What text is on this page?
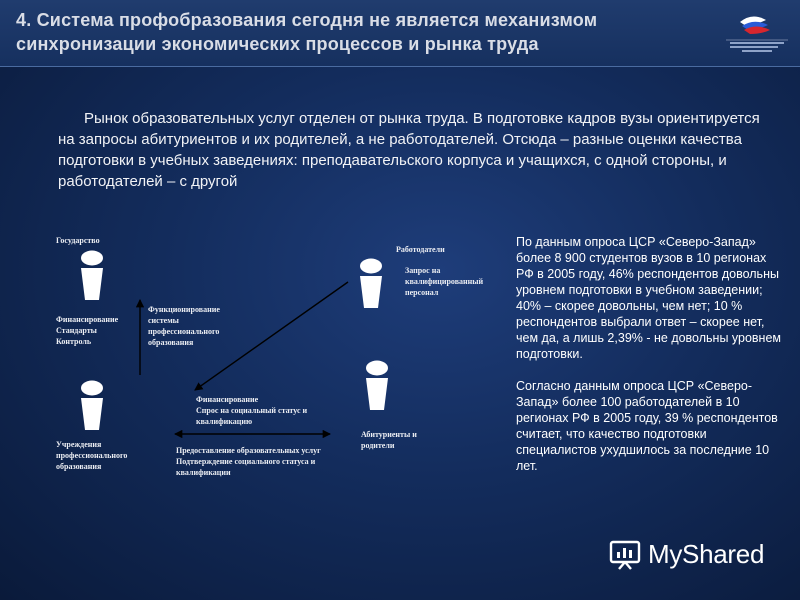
4. Система профобразования сегодня не является механизмом синхронизации экономических процессов и рынка труда
Рынок образовательных услуг отделен от рынка труда. В подготовке кадров вузы ориентируется на запросы абитуриентов и их родителей, а не работодателей. Отсюда – разные оценки качества подготовки в учебных заведениях: преподавательского корпуса и учащихся, с одной стороны, и работодателей – с другой
Государство
Финансирование
Стандарты
Контроль
Функционирование
системы
профессионального
образования
Учреждения
профессионального
образования
Работодатели
Запрос на
квалифицированный
персонал
Абитуриенты и
родители
Финансирование
Спрос на социальный статус и
квалификацию
Предоставление образовательных услуг
Подтверждение социального статуса и
квалификации

По данным опроса ЦСР «Северо-Запад» более 8 900 студентов вузов в 10 регионах РФ в 2005 году, 46% респондентов довольны уровнем подготовки в учебном заведении; 40% – скорее довольны, чем нет; 10 % респондентов выбрали ответ – скорее нет, чем да, а лишь 2,39% - не довольны уровнем подготовки.

Согласно данным опроса ЦСР «Северо-Запад» более 100 работодателей в 10 регионах РФ в 2005 году, 39 % респондентов считает, что качество подготовки специалистов ухудшилось за последние 10 лет.

MyShared
